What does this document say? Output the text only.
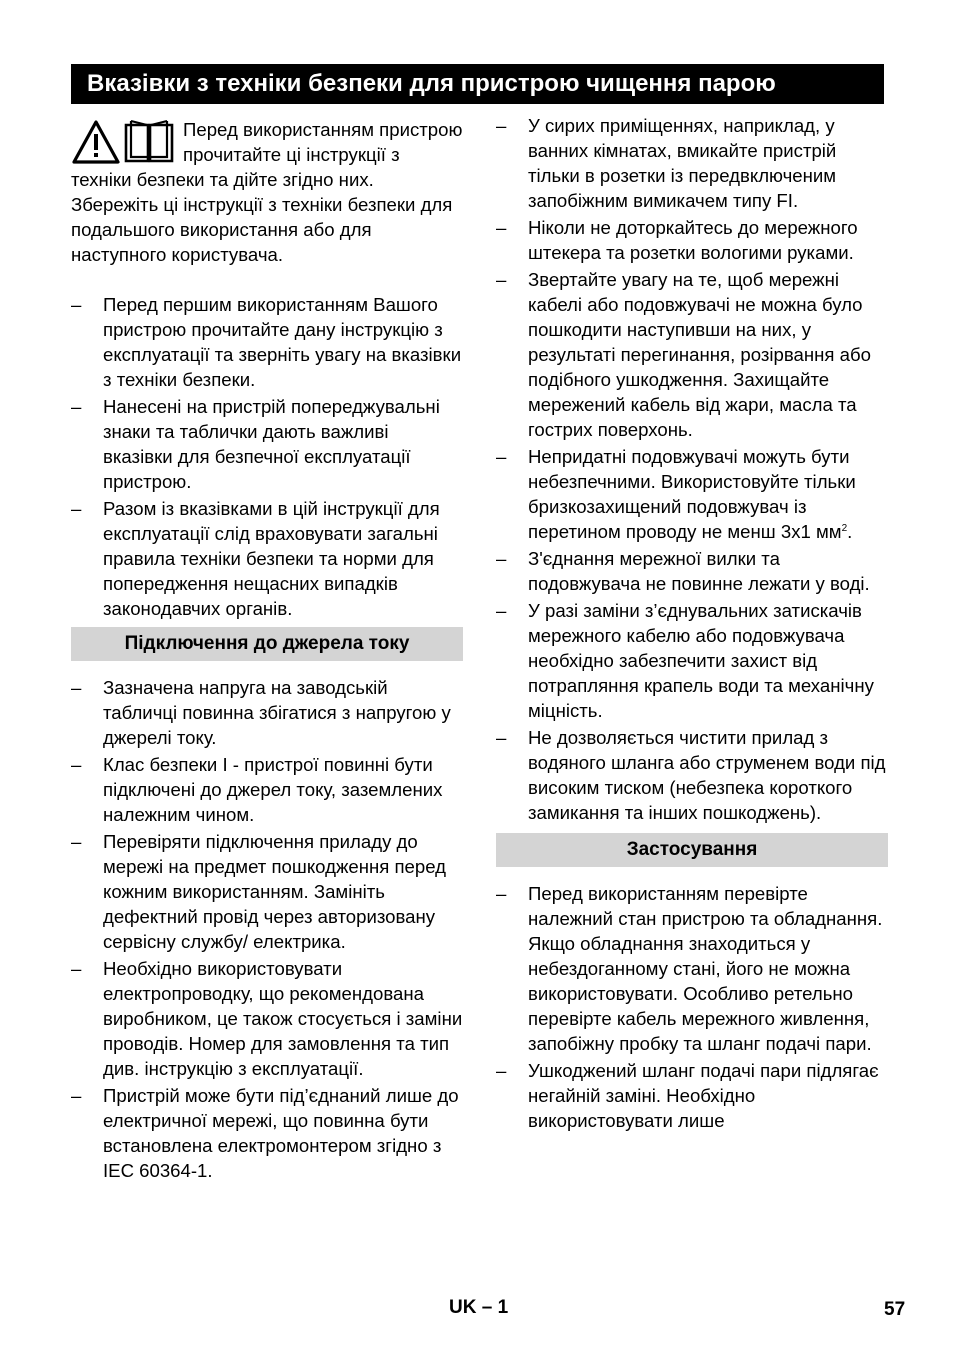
Вказівки з техніки безпеки для пристрою чищення парою
Перед використанням пристрою прочитайте ці інструкції з техніки безпеки та дійте згідно них. Збережіть ці інструкції з техніки безпеки для подальшого використання або для наступного користувача.
–	Перед першим використанням Вашого пристрою прочитайте дану інструкцію з експлуатації та зверніть увагу на вказівки з техніки безпеки.
–	Нанесені на пристрій попереджувальні знаки та таблички дають важливі вказівки для безпечної експлуатації пристрою.
–	Разом із вказівками в цій інструкції для експлуатації слід враховувати загальні правила техніки безпеки та норми для попередження нещасних випадків законодавчих органів.
Підключення до джерела току
–	Зазначена напруга на заводській табличці повинна збігатися з напругою у джерелі току.
–	Клас безпеки I - пристрої повинні бути підключені до джерел току, заземлених належним чином.
–	Перевіряти підключення приладу до мережі на предмет пошкодження перед кожним використанням. Замініть дефектний провід через авторизовану сервісну службу/ електрика.
–	Необхідно використовувати електропроводку, що рекомендована виробником, це також стосується і заміни проводів. Номер для замовлення та тип див. інструкцію з експлуатації.
–	Пристрій може бути під’єднаний лише до електричної мережі, що повинна бути встановлена електромонтером згідно з IEC 60364-1.
–	У сирих приміщеннях, наприклад, у ванних кімнатах, вмикайте пристрій тільки в розетки із передвключеним запобіжним вимикачем типу FI.
–	Ніколи не доторкайтесь до мережного штекера та розетки вологими руками.
–	Звертайте увагу на те, щоб мережні кабелі або подовжувачі не можна було пошкодити наступивши на них, у результаті перегинання, розірвання або подібного ушкодження. Захищайте мережений кабель від жари, масла та гострих поверхонь.
–	Непридатні подовжувачі можуть бути небезпечними. Використовуйте тільки бризкозахищений подовжувач із перетином проводу не менш 3x1 $мм^2$.
–	З'єднання мережної вилки та подовжувача не повинне лежати у воді.
–	У разі заміни з’єднувальних затискачів мережного кабелю або подовжувача необхідно забезпечити захист від потрапляння крапель води та механічну міцність.
–	Не дозволяється чистити прилад з водяного шланга або струменем води під високим тиском (небезпека короткого замикання та інших пошкоджень).
Застосування
–	Перед використанням перевірте належний стан пристрою та обладнання. Якщо обладнання знаходиться у небездоганному стані, його не можна використовувати. Особливо ретельно перевірте кабель мережного живлення, запобіжну пробку та шланг подачі пари.
–	Ушкоджений шланг подачі пари підлягає негайній заміні. Необхідно використовувати лише
UK – 1	57
